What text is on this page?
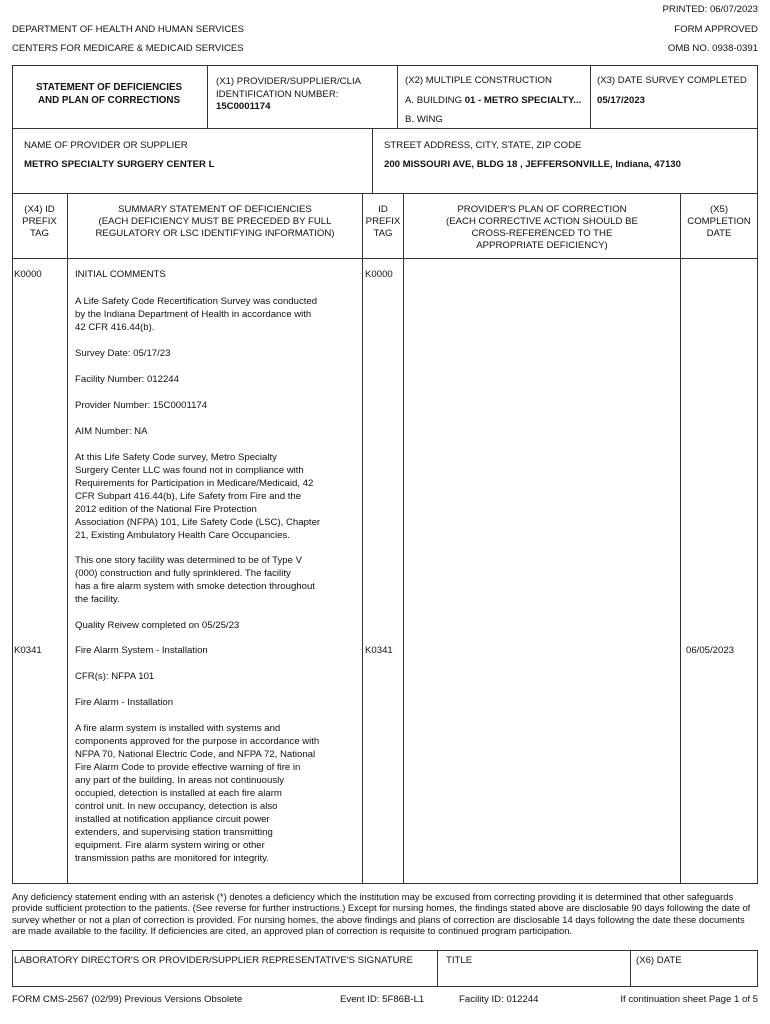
PRINTED: 06/07/2023
DEPARTMENT OF HEALTH AND HUMAN SERVICES	FORM APPROVED
CENTERS FOR MEDICARE & MEDICAID SERVICES	OMB NO. 0938-0391
STATEMENT OF DEFICIENCIES
AND PLAN OF CORRECTIONS
(X1) PROVIDER/SUPPLIER/CLIA
IDENTIFICATION NUMBER:
15C0001174
(X2) MULTIPLE CONSTRUCTION
A. BUILDING 01 - METRO SPECIALTY...
B. WING
(X3) DATE SURVEY COMPLETED
05/17/2023
NAME OF PROVIDER OR SUPPLIER
METRO SPECIALTY SURGERY CENTER L
STREET ADDRESS, CITY, STATE, ZIP CODE
200 MISSOURI AVE, BLDG 18 , JEFFERSONVILLE, Indiana, 47130
(X4) ID
PREFIX
TAG
SUMMARY STATEMENT OF DEFICIENCIES
(EACH DEFICIENCY MUST BE PRECEDED BY FULL
REGULATORY OR LSC IDENTIFYING INFORMATION)
ID
PREFIX
TAG
PROVIDER'S PLAN OF CORRECTION
(EACH CORRECTIVE ACTION SHOULD BE
CROSS-REFERENCED TO THE
APPROPRIATE DEFICIENCY)
(X5)
COMPLETION
DATE
K0000	K0000
INITIAL COMMENTS
A Life Safety Code Recertification Survey was conducted
by the Indiana Department of Health in accordance with
42 CFR 416.44(b).
Survey Date: 05/17/23
Facility Number: 012244
Provider Number: 15C0001174
AIM Number: NA
At this Life Safety Code survey, Metro Specialty
Surgery Center LLC was found not in compliance with
Requirements for Participation in Medicare/Medicaid, 42
CFR Subpart 416.44(b), Life Safety from Fire and the
2012 edition of the National Fire Protection
Association (NFPA) 101, Life Safety Code (LSC), Chapter
21, Existing Ambulatory Health Care Occupancies.
This one story facility was determined to be of Type V
(000) construction and fully sprinklered. The facility
has a fire alarm system with smoke detection throughout
the facility.
Quality Reivew completed on 05/25/23
K0341	K0341	06/05/2023
Fire Alarm System - Installation
CFR(s): NFPA 101
Fire Alarm - Installation
A fire alarm system is installed with systems and
components approved for the purpose in accordance with
NFPA 70, National Electric Code, and NFPA 72, National
Fire Alarm Code to provide effective warning of fire in
any part of the building. In areas not continuously
occupied, detection is installed at each fire alarm
control unit. In new occupancy, detection is also
installed at notification appliance circuit power
extenders, and supervising station transmitting
equipment. Fire alarm system wiring or other
transmission paths are monitored for integrity.
Any deficiency statement ending with an asterisk (*) denotes a deficiency which the institution may be excused from correcting providing it is determined that other safeguards provide sufficient protection to the patients. (See reverse for further instructions.) Except for nursing homes, the findings stated above are disclosable 90 days following the date of survey whether or not a plan of correction is provided. For nursing homes, the above findings and plans of correction are disclosable 14 days following the date these documents are made available to the facility. If deficiencies are cited, an approved plan of correction is requisite to continued program participation.
LABORATORY DIRECTOR'S OR PROVIDER/SUPPLIER REPRESENTATIVE'S SIGNATURE	TITLE	(X6) DATE
FORM CMS-2567 (02/99) Previous Versions Obsolete	Event ID: 5F86B-L1	Facility ID: 012244	If continuation sheet Page 1 of 5
